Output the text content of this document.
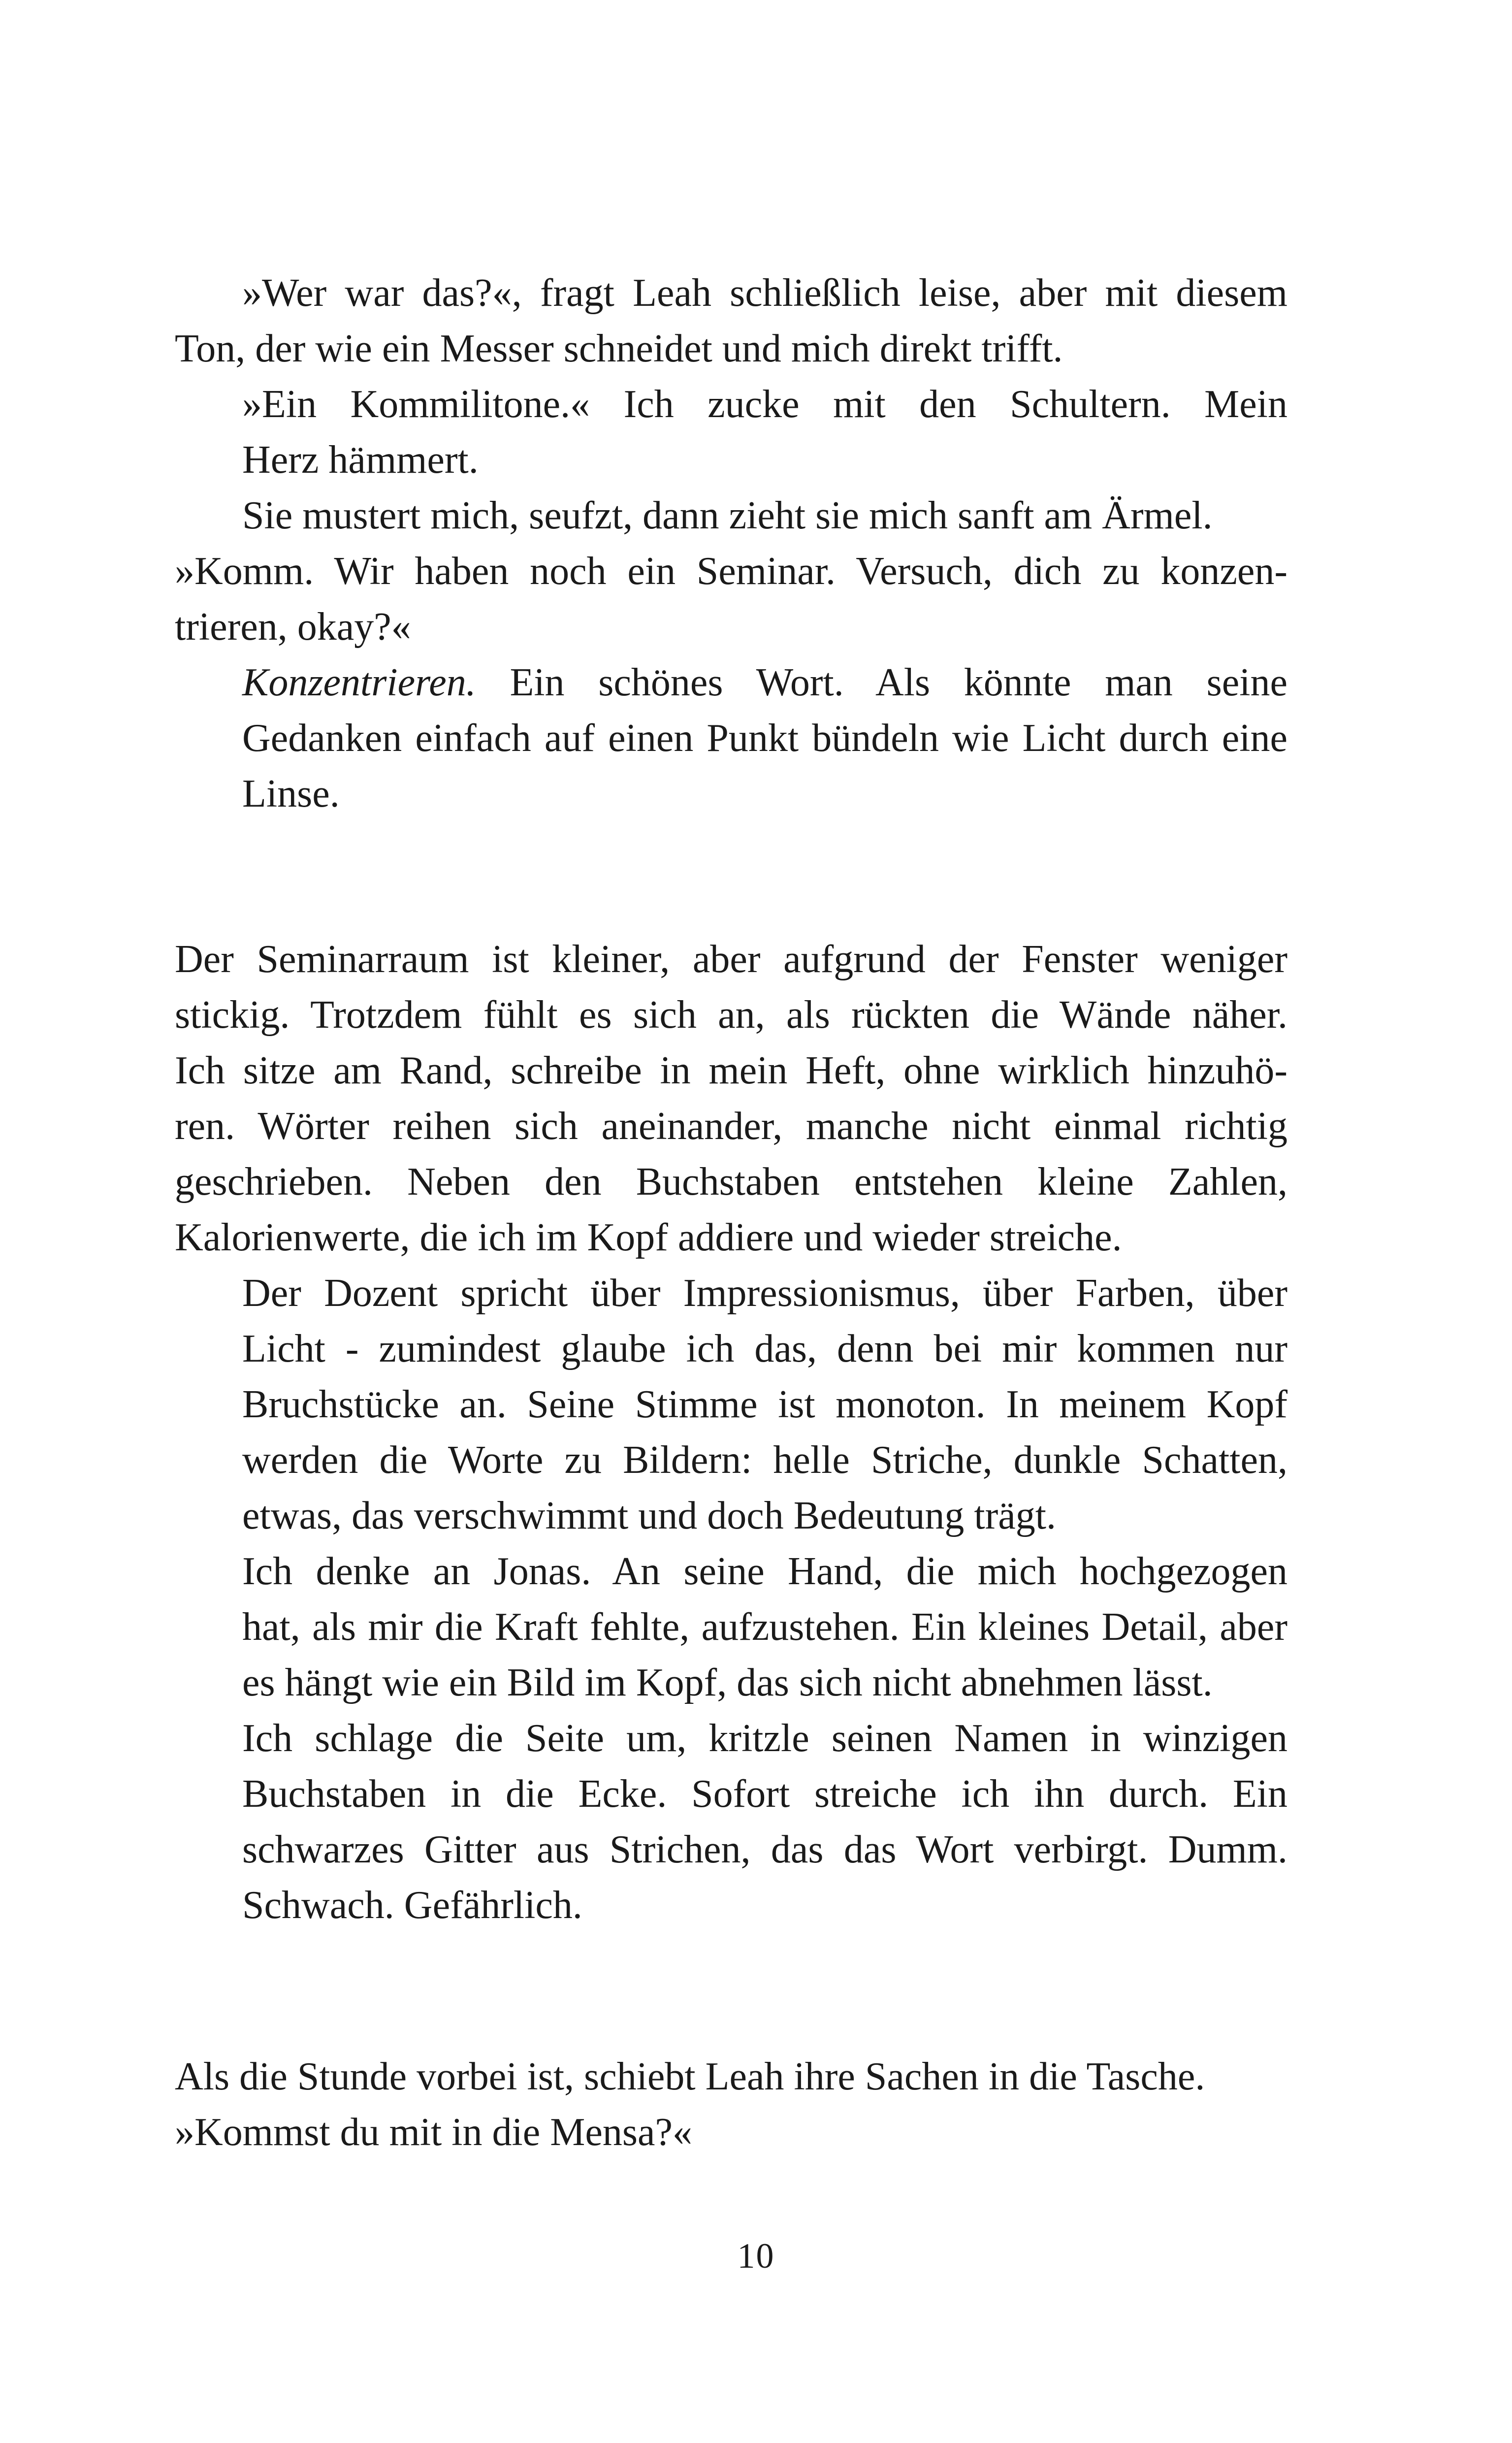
»Wer war das?«, fragt Leah schließlich leise, aber mit diesem
Ton, der wie ein Messer schneidet und mich direkt trifft.

»Ein Kommilitone.« Ich zucke mit den Schultern. Mein
Herz hämmert.

Sie mustert mich, seufzt, dann zieht sie mich sanft am Ärmel.

»Komm. Wir haben noch ein Seminar. Versuch, dich zu konzen-
trieren, okay?«

Konzentrieren. Ein schönes Wort. Als könnte man seine
Gedanken einfach auf einen Punkt bündeln wie Licht durch eine
Linse.

Der Seminarraum ist kleiner, aber aufgrund der Fenster weniger
stickig. Trotzdem fühlt es sich an, als rückten die Wände näher.
Ich sitze am Rand, schreibe in mein Heft, ohne wirklich hinzuhö-
ren. Wörter reihen sich aneinander, manche nicht einmal richtig
geschrieben. Neben den Buchstaben entstehen kleine Zahlen,
Kalorienwerte, die ich im Kopf addiere und wieder streiche.

Der Dozent spricht über Impressionismus, über Farben, über
Licht - zumindest glaube ich das, denn bei mir kommen nur
Bruchstücke an. Seine Stimme ist monoton. In meinem Kopf
werden die Worte zu Bildern: helle Striche, dunkle Schatten,
etwas, das verschwimmt und doch Bedeutung trägt.

Ich denke an Jonas. An seine Hand, die mich hochgezogen
hat, als mir die Kraft fehlte, aufzustehen. Ein kleines Detail, aber
es hängt wie ein Bild im Kopf, das sich nicht abnehmen lässt.

Ich schlage die Seite um, kritzle seinen Namen in winzigen
Buchstaben in die Ecke. Sofort streiche ich ihn durch. Ein
schwarzes Gitter aus Strichen, das das Wort verbirgt. Dumm.
Schwach. Gefährlich.

Als die Stunde vorbei ist, schiebt Leah ihre Sachen in die Tasche.

»Kommst du mit in die Mensa?«

10
